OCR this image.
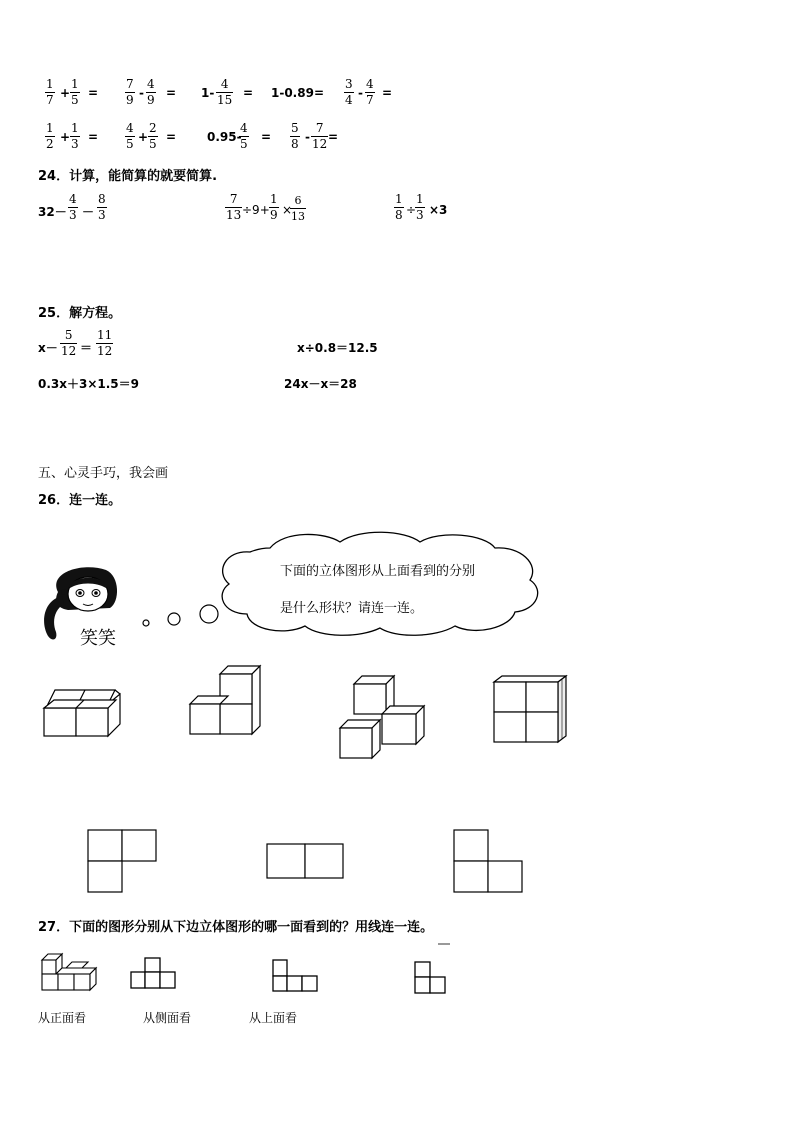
1
7 +
1
5 =
7
9 -
4
9 = 1-
4
15 = 1-0.89=
3
4 -
4
7 =
1
2 +
1
3 =
4
5 +
2
5 =	0.95-
4
5 =
5
8 -
7
12 =
24．计算，能简算的就要简算.
32－
4
3 －
8
3
7
13 ÷9+
1
9 ×
6
13
1
8 ÷
1
3 ×3
25．解方程。
x－
5
12 ＝
11
12	x÷0.8＝12.5
0.3x＋3×1.5＝9	24x－x＝28
五、心灵手巧，我会画
26．连一连。
笑笑
下面的立体图形从上面看到的分别
是什么形状？请连一连。
27．下面的图形分别从下边立体图形的哪一面看到的？用线连一连。
从正面看	从侧面看	从上面看
